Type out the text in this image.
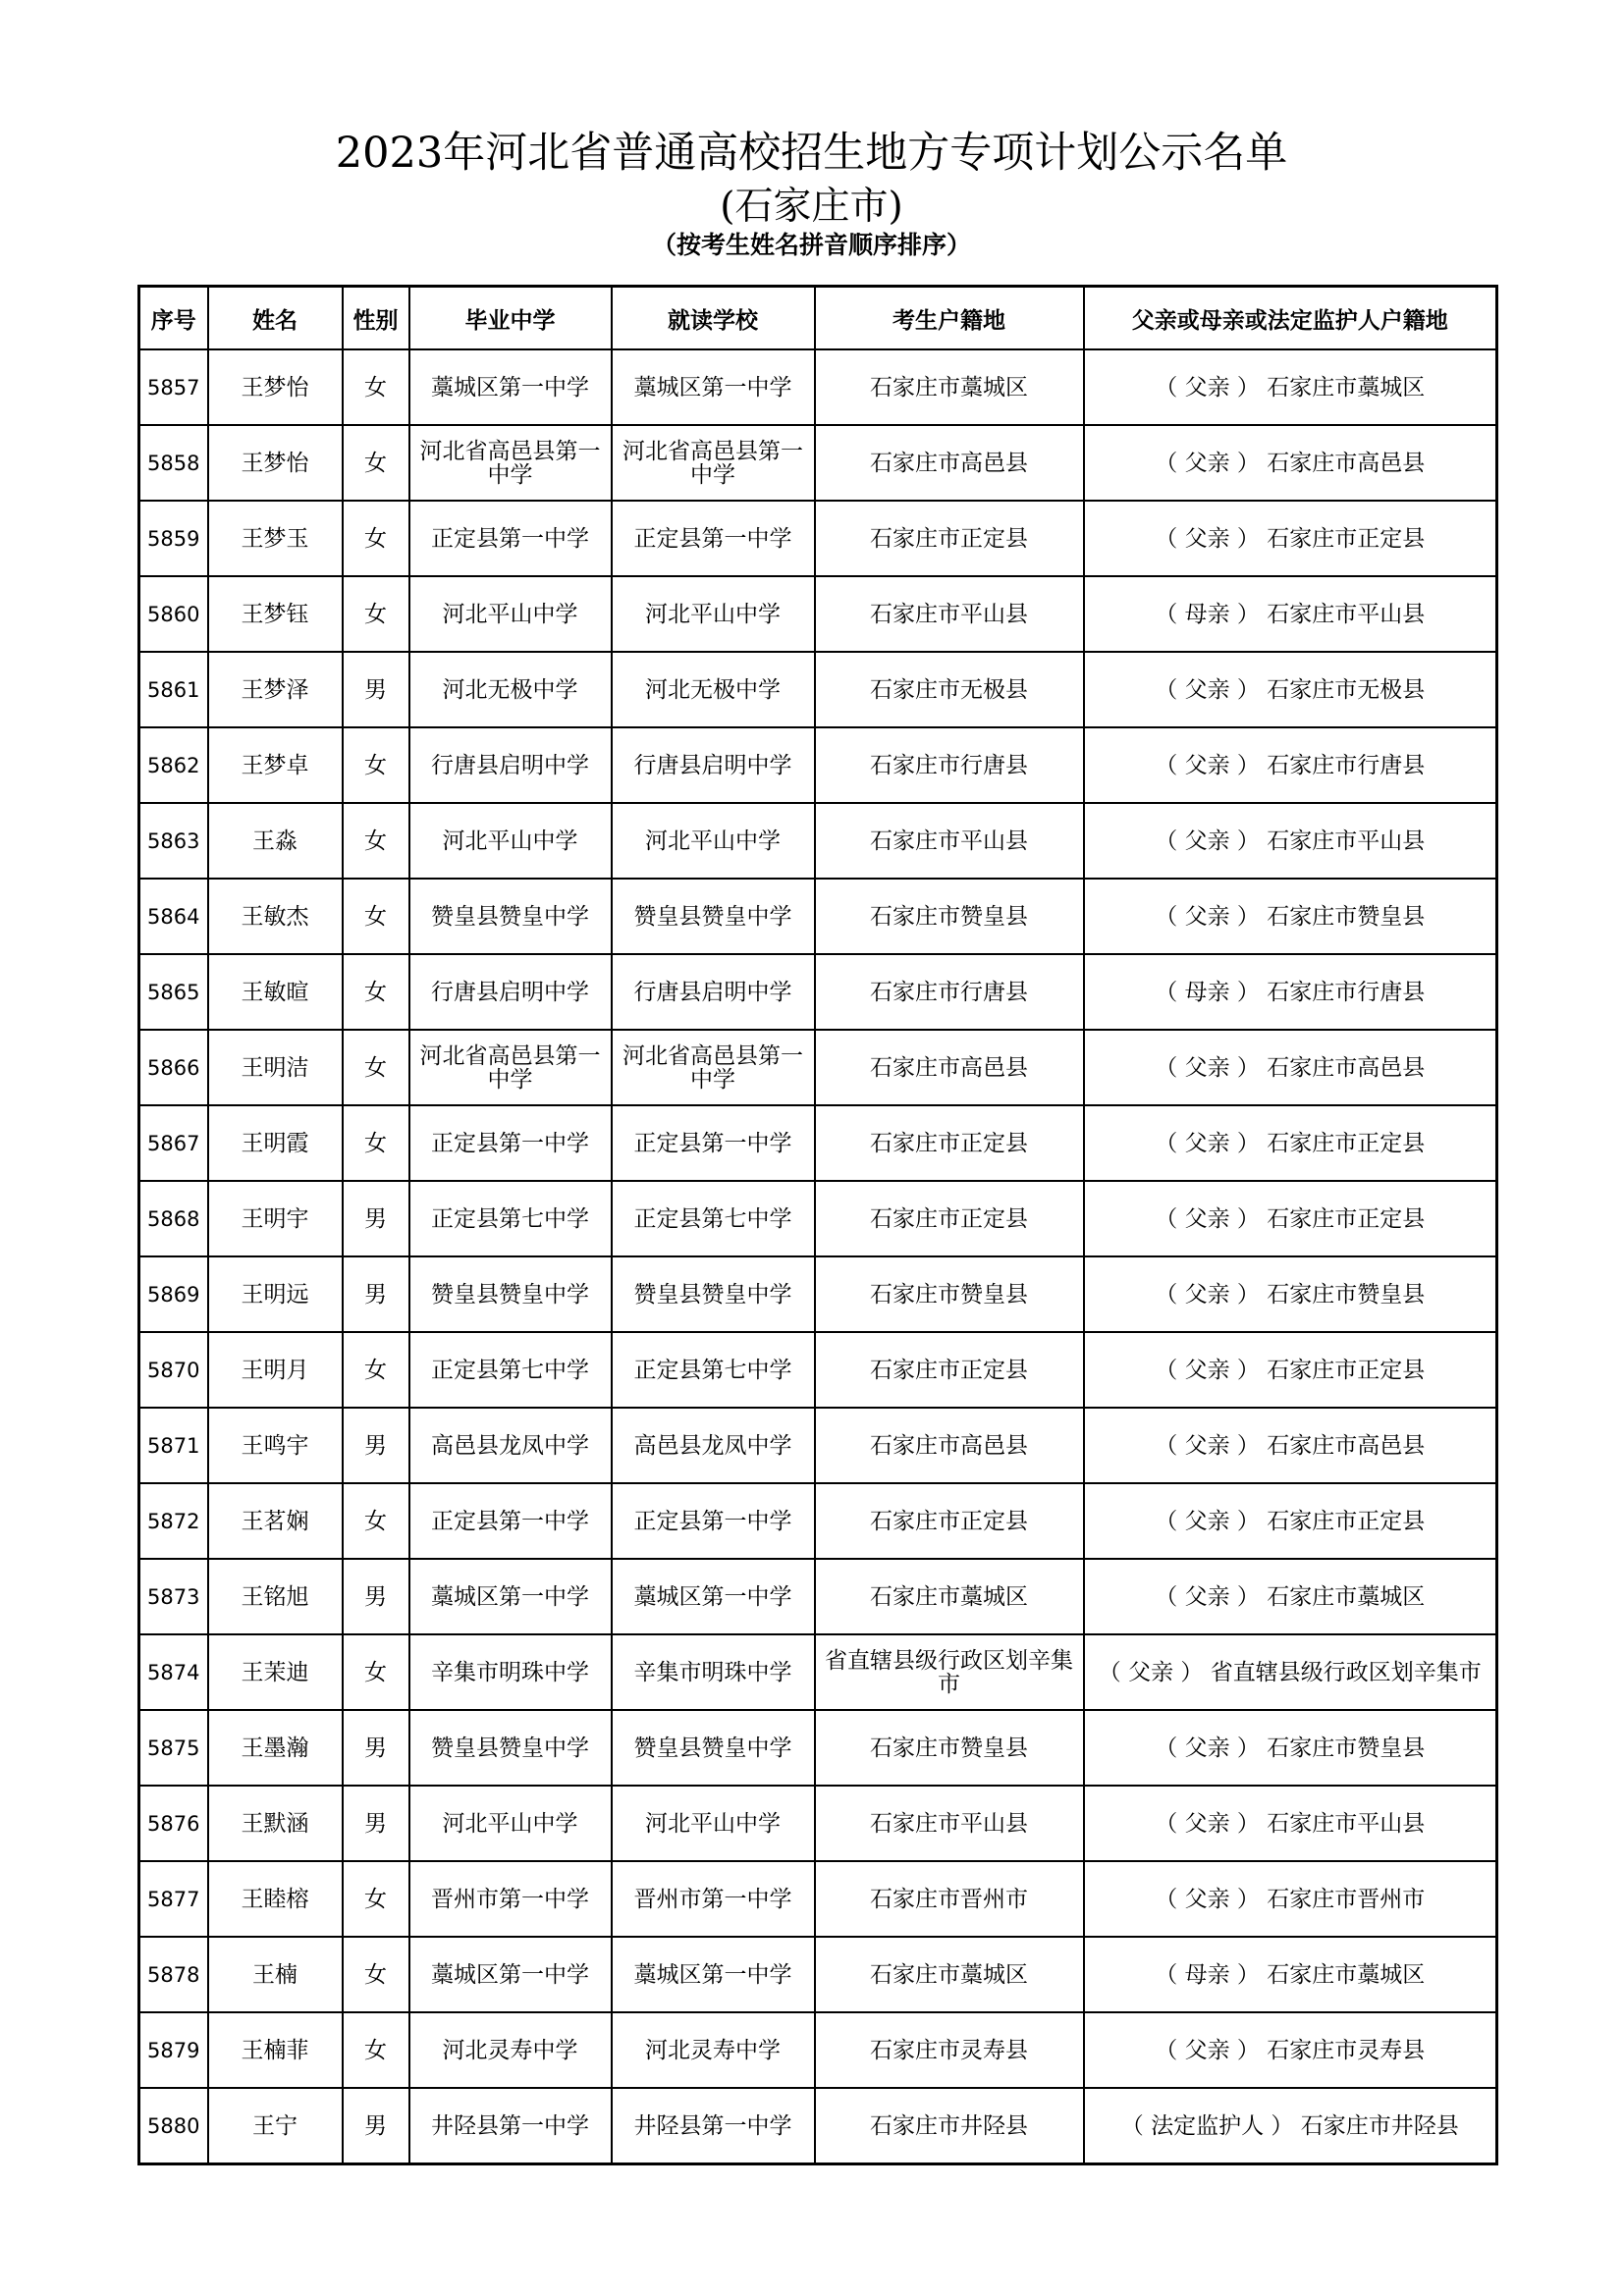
2023年河北省普通高校招生地方专项计划公示名单
(石家庄市)
（按考生姓名拼音顺序排序）
序号	姓名	性别	毕业中学	就读学校	考生户籍地	父亲或母亲或法定监护人户籍地
5857	王梦怡	女	藁城区第一中学	藁城区第一中学	石家庄市藁城区	（ 父亲 ） 石家庄市藁城区
5858	王梦怡	女	河北省高邑县第一中学	河北省高邑县第一中学	石家庄市高邑县	（ 父亲 ） 石家庄市高邑县
5859	王梦玉	女	正定县第一中学	正定县第一中学	石家庄市正定县	（ 父亲 ） 石家庄市正定县
5860	王梦钰	女	河北平山中学	河北平山中学	石家庄市平山县	（ 母亲 ） 石家庄市平山县
5861	王梦泽	男	河北无极中学	河北无极中学	石家庄市无极县	（ 父亲 ） 石家庄市无极县
5862	王梦卓	女	行唐县启明中学	行唐县启明中学	石家庄市行唐县	（ 父亲 ） 石家庄市行唐县
5863	王淼	女	河北平山中学	河北平山中学	石家庄市平山县	（ 父亲 ） 石家庄市平山县
5864	王敏杰	女	赞皇县赞皇中学	赞皇县赞皇中学	石家庄市赞皇县	（ 父亲 ） 石家庄市赞皇县
5865	王敏暄	女	行唐县启明中学	行唐县启明中学	石家庄市行唐县	（ 母亲 ） 石家庄市行唐县
5866	王明洁	女	河北省高邑县第一中学	河北省高邑县第一中学	石家庄市高邑县	（ 父亲 ） 石家庄市高邑县
5867	王明霞	女	正定县第一中学	正定县第一中学	石家庄市正定县	（ 父亲 ） 石家庄市正定县
5868	王明宇	男	正定县第七中学	正定县第七中学	石家庄市正定县	（ 父亲 ） 石家庄市正定县
5869	王明远	男	赞皇县赞皇中学	赞皇县赞皇中学	石家庄市赞皇县	（ 父亲 ） 石家庄市赞皇县
5870	王明月	女	正定县第七中学	正定县第七中学	石家庄市正定县	（ 父亲 ） 石家庄市正定县
5871	王鸣宇	男	高邑县龙凤中学	高邑县龙凤中学	石家庄市高邑县	（ 父亲 ） 石家庄市高邑县
5872	王茗娴	女	正定县第一中学	正定县第一中学	石家庄市正定县	（ 父亲 ） 石家庄市正定县
5873	王铭旭	男	藁城区第一中学	藁城区第一中学	石家庄市藁城区	（ 父亲 ） 石家庄市藁城区
5874	王茉迪	女	辛集市明珠中学	辛集市明珠中学	省直辖县级行政区划辛集市	（ 父亲 ） 省直辖县级行政区划辛集市
5875	王墨瀚	男	赞皇县赞皇中学	赞皇县赞皇中学	石家庄市赞皇县	（ 父亲 ） 石家庄市赞皇县
5876	王默涵	男	河北平山中学	河北平山中学	石家庄市平山县	（ 父亲 ） 石家庄市平山县
5877	王睦榕	女	晋州市第一中学	晋州市第一中学	石家庄市晋州市	（ 父亲 ） 石家庄市晋州市
5878	王楠	女	藁城区第一中学	藁城区第一中学	石家庄市藁城区	（ 母亲 ） 石家庄市藁城区
5879	王楠菲	女	河北灵寿中学	河北灵寿中学	石家庄市灵寿县	（ 父亲 ） 石家庄市灵寿县
5880	王宁	男	井陉县第一中学	井陉县第一中学	石家庄市井陉县	（ 法定监护人 ） 石家庄市井陉县
